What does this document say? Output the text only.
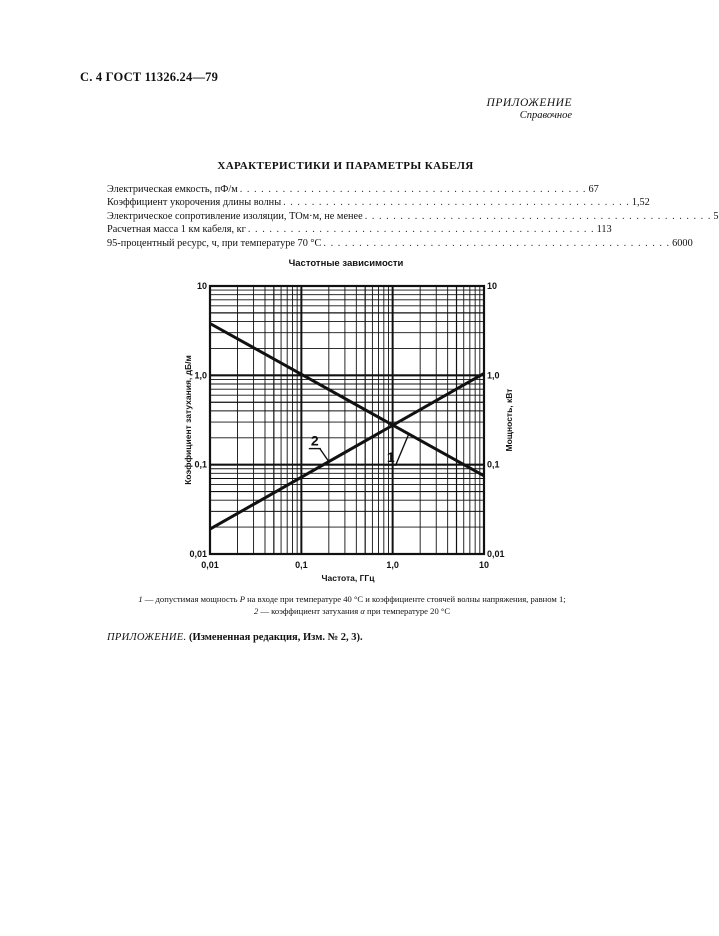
С. 4 ГОСТ 11326.24—79
ПРИЛОЖЕНИЕ
Справочное
ХАРАКТЕРИСТИКИ И ПАРАМЕТРЫ КАБЕЛЯ
Электрическая емкость, пФ/м . . . . . . . . . . . . . . . . . . . . . . . . . . . . . . . . . . . . . . . . . . . . . . . . . 67
Коэффициент укорочения длины волны . . . . . . . . . . . . . . . . . . . . . . . . . . . . . . . . . . . . . . . . . . . . . . . . . 1,52
Электрическое сопротивление изоляции, ТОм·м, не менее . . . . . . . . . . . . . . . . . . . . . . . . . . . . . . . . . . . . . . . . . . . . . . . . . 5
Расчетная масса 1 км кабеля, кг . . . . . . . . . . . . . . . . . . . . . . . . . . . . . . . . . . . . . . . . . . . . . . . . . 113
95-процентный ресурс, ч, при температуре 70 °С . . . . . . . . . . . . . . . . . . . . . . . . . . . . . . . . . . . . . . . . . . . . . . . . . 6000
Частотные зависимости
2
1
0,01	0,1	1,0	10
0,01
0,1
1,0
10
0,01
0,1
1,0
10
Частота, ГГц
Коэффициент затухания, дБ/м	Мощность, кВт
1 — допустимая мощность P на входе при температуре 40 °С и коэффициенте стоячей волны напряжения, равном 1;
2 — коэффициент затухания α при температуре 20 °С
ПРИЛОЖЕНИЕ. (Измененная редакция, Изм. № 2, 3).
